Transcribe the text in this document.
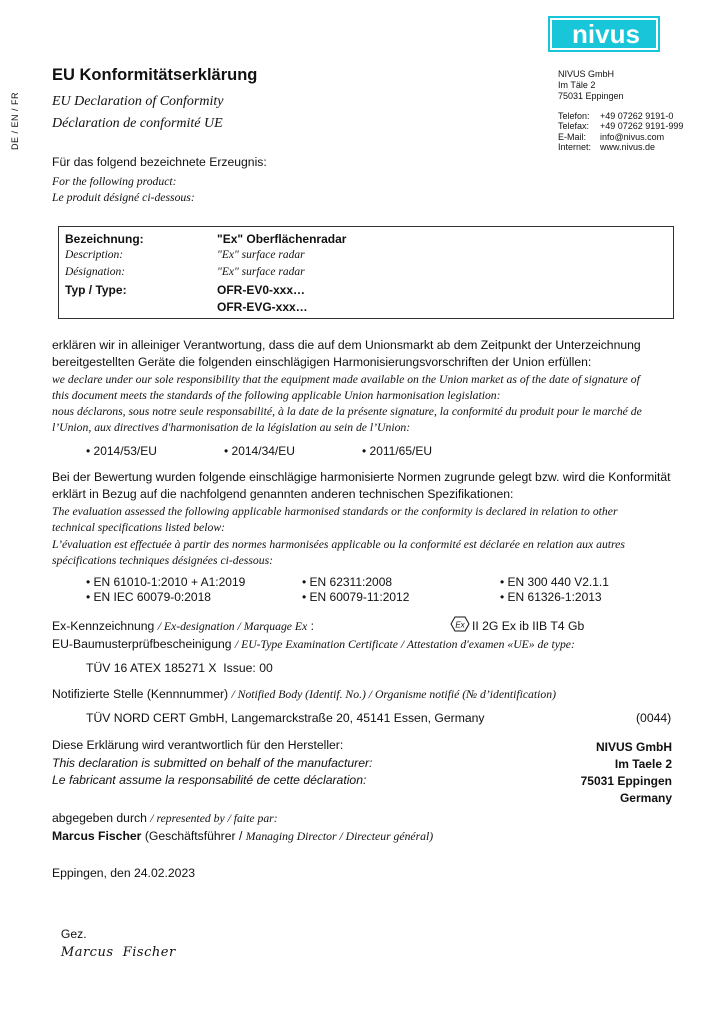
DE / EN / FR
nivus
EU Konformitätserklärung
EU Declaration of Conformity
Déclaration de conformité UE
NIVUS GmbH
Im Täle 2
75031 Eppingen
Telefon:	+49 07262 9191-0
Telefax:	+49 07262 9191-999
E-Mail:	info@nivus.com
Internet:	www.nivus.de
Für das folgend bezeichnete Erzeugnis:
For the following product:
Le produit désigné ci-dessous:
Bezeichnung:	"Ex" Oberflächenradar
Description:	"Ex" surface radar
Désignation:	"Ex" surface radar
Typ / Type:	OFR-EV0-xxx…
OFR-EVG-xxx…
erklären wir in alleiniger Verantwortung, dass die auf dem Unionsmarkt ab dem Zeitpunkt der Unterzeichnung
bereitgestellten Geräte die folgenden einschlägigen Harmonisierungsvorschriften der Union erfüllen:
we declare under our sole responsibility that the equipment made available on the Union market as of the date of signature of
this document meets the standards of the following applicable Union harmonisation legislation:
nous déclarons, sous notre seule responsabilité, à la date de la présente signature, la conformité du produit pour le marché de
l’Union, aux directives d'harmonisation de la législation au sein de l’Union:
• 2014/53/EU	• 2014/34/EU	• 2011/65/EU
Bei der Bewertung wurden folgende einschlägige harmonisierte Normen zugrunde gelegt bzw. wird die Konformität
erklärt in Bezug auf die nachfolgend genannten anderen technischen Spezifikationen:
The evaluation assessed the following applicable harmonised standards or the conformity is declared in relation to other
technical specifications listed below:
L’évaluation est effectuée à partir des normes harmonisées applicable ou la conformité est déclarée en relation aux autres
spécifications techniques désignées ci-dessous:
• EN 61010-1:2010 + A1:2019	• EN 62311:2008	• EN 300 440 V2.1.1
• EN IEC 60079-0:2018	• EN 60079-11:2012	• EN 61326-1:2013
Ex-Kennzeichnung / Ex-designation / Marquage Ex :	Ex II 2G Ex ib IIB T4 Gb
EU-Baumusterprüfbescheinigung / EU-Type Examination Certificate / Attestation d'examen «UE» de type:
TÜV 16 ATEX 185271 X  Issue: 00
Notifizierte Stelle (Kennnummer) / Notified Body (Identif. No.) / Organisme notifié (№ d’identification)
TÜV NORD CERT GmbH, Langemarckstraße 20, 45141 Essen, Germany	(0044)
Diese Erklärung wird verantwortlich für den Hersteller:
This declaration is submitted on behalf of the manufacturer:
Le fabricant assume la responsabilité de cette déclaration:
NIVUS GmbH
Im Taele 2
75031 Eppingen
Germany
abgegeben durch / represented by / faite par:
Marcus Fischer (Geschäftsführer / Managing Director / Directeur général)
Eppingen, den 24.02.2023

Gez.
Marcus  Fischer
